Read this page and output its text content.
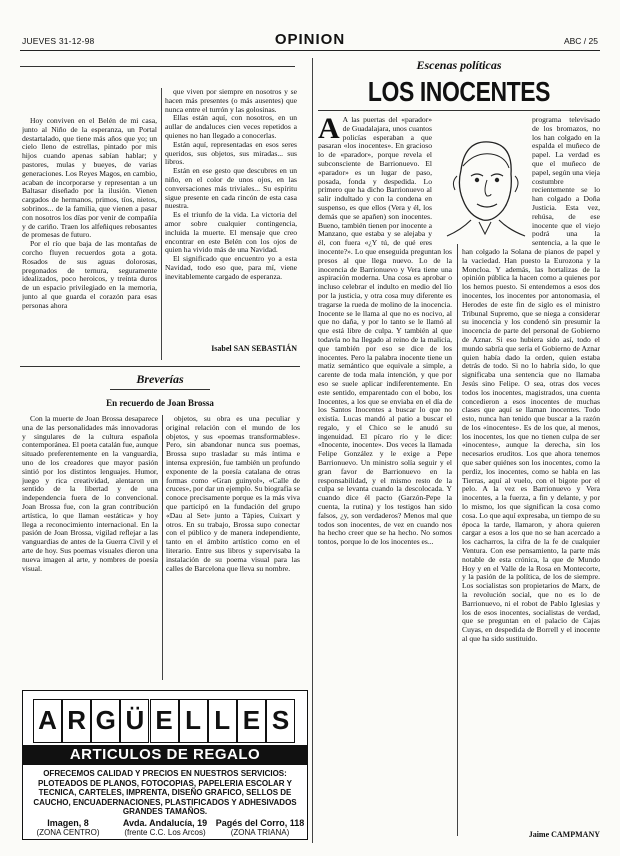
JUEVES 31-12-98	OPINION	ABC / 25

Hoy conviven en el Belén de mi casa, junto al Niño de la esperanza, un Portal destartalado, que tiene más años que yo; un cielo lleno de estrellas, pintado por mis hijos cuando apenas sabían hablar; y pastores, mulas y bueyes, de varias generaciones. Los Reyes Magos, en cambio, acaban de incorporarse y representan a un Baltasar diseñado por la ilusión. Vienen cargados de hermanos, primos, tíos, nietos, sobrinos... de la familia, que vienen a pasar con nosotros los días por venir de compañía y de cariño. Traen los alfeñiques rebosantes de promesas de futuro.

Por el río que baja de las montañas de corcho fluyen recuerdos gota a gota. Rosados de sus aguas dolorosas, pregonados de ternura, seguramente idealizados, poco heroicos, y treinta duros de un espacio privilegiado en la memoria, junto al que guarda el corazón para esas personas ahora

que viven por siempre en nosotros y se hacen más presentes (o más ausentes) que nunca entre el turrón y las golosinas.

Ellas están aquí, con nosotros, en un aullar de andaluces cien veces repetidos a quienes no han llegado a conocerlas.

Están aquí, representadas en esos seres queridos, sus objetos, sus miradas... sus libros.

Están en ese gesto que descubres en un niño, en el color de unos ojos, en las conversaciones más triviales... Su espíritu sigue presente en cada rincón de esta casa nuestra.

Es el triunfo de la vida. La victoria del amor sobre cualquier contingencia, incluida la muerte. El mensaje que creo encontrar en este Belén con los ojos de quien ha vivido más de una Navidad.

El significado que encuentro yo a esta Navidad, todo eso que, para mí, viene inevitablemente cargado de esperanza.

Isabel SAN SEBASTIÁN
Breverías
En recuerdo de Joan Brossa

Con la muerte de Joan Brossa desaparece una de las personalidades más innovadoras y singulares de la cultura española contemporánea. El poeta catalán fue, aunque situado preferentemente en la vanguardia, uno de los creadores que mayor pasión sintió por los distintos lenguajes. Humor, juego y rica creatividad, alentaron un sentido de la libertad y de una independencia fuera de lo convencional. Joan Brossa fue, con la gran contribución artística, lo que llaman «estática» y hoy llega a reconocimiento internacional. En la pasión de Joan Brossa, vigilad reflejar a las vanguardias de antes de la Guerra Civil y el arte de hoy. Sus poemas visuales dieron una nueva imagen al arte, y nombres de poesía visual.

objetos, su obra es una peculiar y original relación con el mundo de los objetos, y sus «poemas transformables». Pero, sin abandonar nunca sus poemas, Brossa supo trasladar su más íntima e intensa expresión, fue también un profundo exponente de la poesía catalana de otras formas como «Gran guinyol», «Calle de cruces», por dar un ejemplo. Su biografía se conoce precisamente porque es la más viva que participó en la fundación del grupo «Dau al Set» junto a Tàpies, Cuixart y otros. En su trabajo, Brossa supo conectar con el público y de manera independiente, tanto en el ámbito artístico como en el literario. Entre sus libros y supervisaba la instalación de su poema visual para las calles de Barcelona que lleva su nombre.

A R G Ü E L L E S
ARTICULOS DE REGALO
OFRECEMOS CALIDAD Y PRECIOS EN NUESTROS SERVICIOS: PLOTEADOS DE PLANOS, FOTOCOPIAS, PAPELERIA ESCOLAR Y TECNICA, CARTELES, IMPRENTA, DISEÑO GRAFICO, SELLOS DE CAUCHO, ENCUADERNACIONES, PLASTIFICADOS Y ADHESIVADOS GRANDES TAMAÑOS.
Imagen, 8
(ZONA CENTRO)
Avda. Andalucía, 19
(frente C.C. Los Arcos)
Pagés del Corro, 118
(ZONA TRIANA)
Escenas políticas
LOS INOCENTES

A A las puertas del «parador» de Guadalajara, unos cuantos policías esperaban a que pasaran «los inocentes». En gracioso lo de «parador», porque revela el subconsciente de Barrionuevo. El «parador» es un lugar de paso, posada, fonda y despedida. Lo primero que ha dicho Barrionuevo al salir indultado y con la condena en suspenso, es que ellos (Vera y él, los demás que se apañen) son inocentes. Bueno, también tienen por inocente a Manzano, que estaba y se alejaba y él, con fuera «¿Y tú, de qué eres inocente?». Lo que enseguida preguntan los presos al que llega nuevo. Lo de la inocencia de Barrionuevo y Vera tiene una aspiración moderna. Una cosa es aprobar o incluso celebrar el indulto en medio del lío por la justicia, y otra cosa muy diferente es tragarse la rueda de molino de la inocencia. Inocente se le llama al que no es nocivo, al que no daña, y por lo tanto se le llamó al que está libre de culpa. Y también al que todavía no ha llegado al reino de la malicia, que también por eso se dice de los inocentes. Pero la palabra inocente tiene un matiz semántico que equivale a simple, a carente de toda mala intención, y que por eso se suele aplicar indiferentemente. En este sentido, emparentado con el bobo, los Inocentes, a los que se enviaba en el día de los Santos Inocentes a buscar lo que no existía. Lucas mandó al patio a buscar el regalo, y el Chico se le anudó su ingenuidad. El pícaro río y le dice: «Inocente, inocente». Dos veces la llamada Felipe González y le exige a Pepe Barrionuevo. Un ministro solía seguir y el gran favor de Barrionuevo en la responsabilidad, y el mismo resto de la culpa se levanta cuando la descolocada. Y cuando dice él pacto (Garzón-Pepe la cuenta, la rutina) y los testigos han sido falsos, ¿y, son verdaderos? Menos mal que todos son inocentes, de vez en cuando nos ha hecho creer que se ha hecho. No somos tontos, porque lo de los inocentes es...

programa televisado de los bromazos, no los han colgado en la espalda el muñeco de papel. La verdad es que el muñeco de papel, según una vieja costumbre recientemente se lo han colgado a Doña Justicia. Esta vez, rehúsa, de ese inocente que el viejo podrá una la sentencia, a la que le han colgado la Solana de pianos de papel y la vaciedad. Han puesto la Eurozona y la Moncloa. Y además, las hortalizas de la opinión pública la hacen como a quienes por los hemos puesto. Si entendemos a esos dos inocentes, los inocentes por antonomasia, el Herodes de este fin de siglo es el ministro Tribunal Supremo, que se niega a considerar su inocencia y los condenó sin presumir la inocencia de parte del personal de Gobierno de Aznar. Si eso hubiera sido así, todo el mundo sabría que sería el Gobierno de Aznar quien había dado la orden, quien estaba detrás de todo. Si no lo habría sido, lo que significaba una sentencia que no llamaba Jesús sino Felipe. O sea, otras dos veces todos los inocentes, magistrados, una cuenta concedieron a esos inocentes de muchas clases que aquí se llaman inocentes. Todo esto, nunca han tenido que buscar a la razón de los «inocentes». Es de los que, al menos, los inocentes, los que no tienen culpa de ser «inocentes», aunque la derecha, sin los necesarios eruditos. Los que ahora tenemos que saber quiénes son los inocentes, como la perdiz, los inocentes, como se habla en las Tierras, aquí al vuelo, con el bigote por el pelo. A la vez es Barrionuevo y Vera inocentes, a la fuerza, a fin y delante, y por lo mismo, los que significan la cosa como cosa. Lo que aquí expresaba, un tiempo de su época la tarde, llamaron, y ahora quieren cargar a esos a los que no se han acercado a los cacharros, la cifra de la fe de cualquier Ventura. Con ese pensamiento, la parte más notable de esta crónica, la que de Mundo Hoy y en el Valle de la Rosa en Montecorte, y la pasión de la política, de los de siempre. Los socialistas son propietarios de Marx, de la revolución social, que no es lo de Barrionuevo, ni el robot de Pablo Iglesias y los de esos inocentes, socialistas de verdad, que se preguntan en el palacio de Cajas Cuyas, en despedida de Borrell y el inocente al que ha sido sustituido.

Jaime CAMPMANY
